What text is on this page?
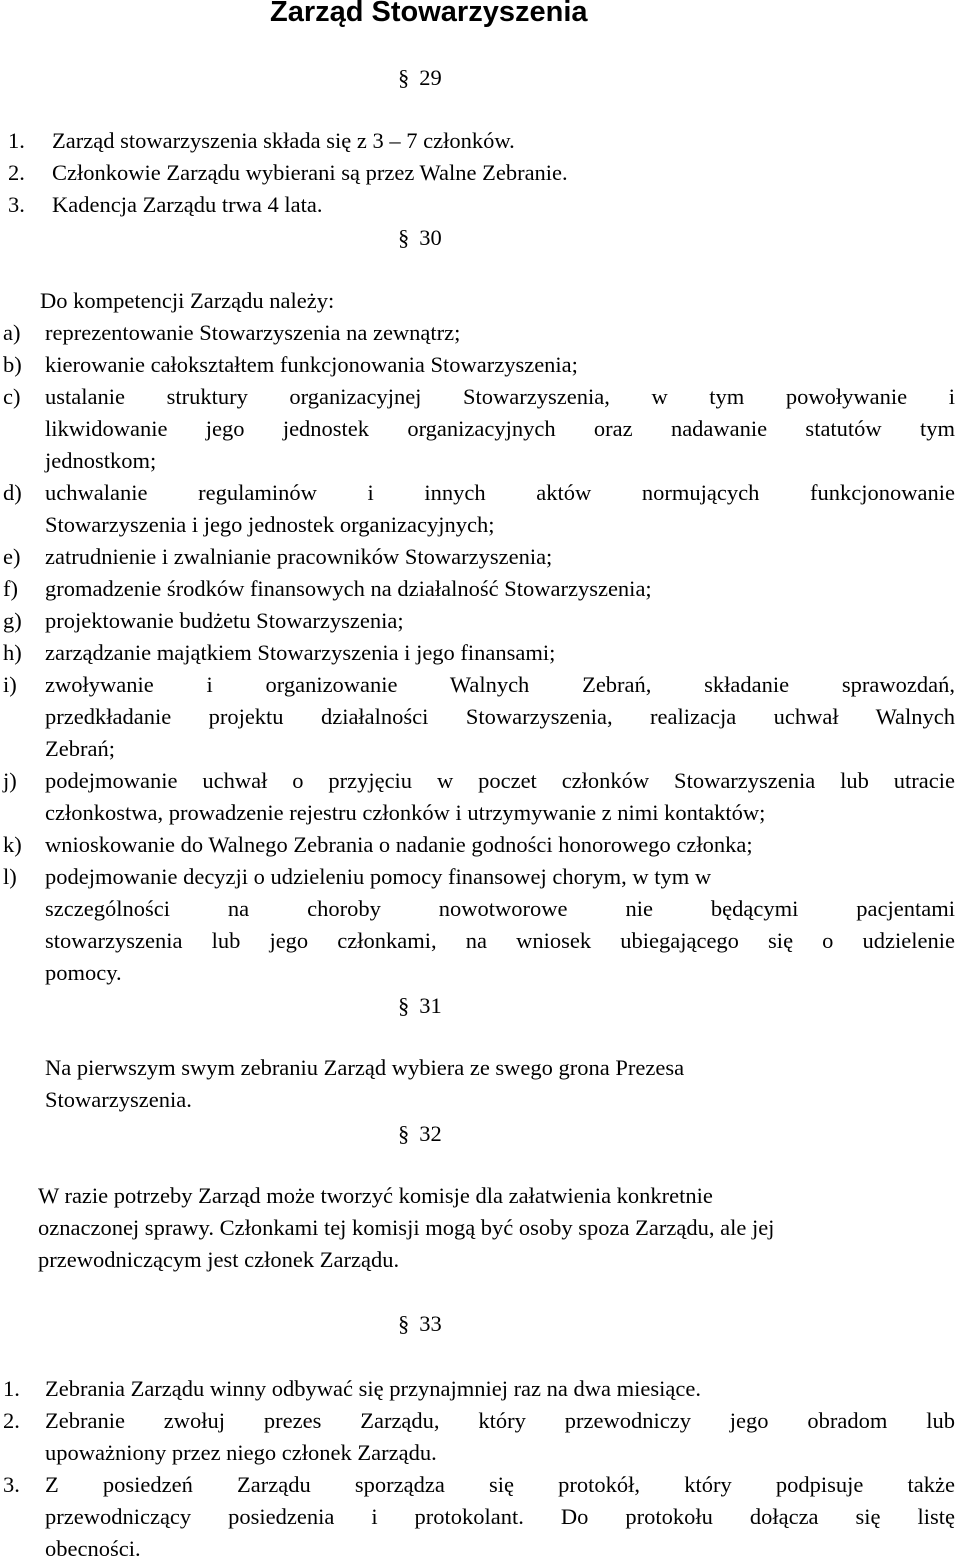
Zarząd Stowarzyszenia
§ 29
1. Zarząd stowarzyszenia składa się z 3 – 7 członków.
2. Członkowie Zarządu wybierani są przez Walne Zebranie.
3. Kadencja Zarządu trwa 4 lata.
§ 30
Do kompetencji Zarządu należy:
a) reprezentowanie Stowarzyszenia na zewnątrz;
b) kierowanie całokształtem funkcjonowania Stowarzyszenia;
c) ustalanie struktury organizacyjnej Stowarzyszenia, w tym powoływanie i
likwidowanie jego jednostek organizacyjnych oraz nadawanie statutów tym
jednostkom;
d) uchwalanie regulaminów i innych aktów normujących funkcjonowanie
Stowarzyszenia i jego jednostek organizacyjnych;
e) zatrudnienie i zwalnianie pracowników Stowarzyszenia;
f) gromadzenie środków finansowych na działalność Stowarzyszenia;
g) projektowanie budżetu Stowarzyszenia;
h) zarządzanie majątkiem Stowarzyszenia i jego finansami;
i) zwoływanie i organizowanie Walnych Zebrań, składanie sprawozdań,
przedkładanie projektu działalności Stowarzyszenia, realizacja uchwał Walnych
Zebrań;
j) podejmowanie uchwał o przyjęciu w poczet członków Stowarzyszenia lub utracie
członkostwa, prowadzenie rejestru członków i utrzymywanie z nimi kontaktów;
k) wnioskowanie do Walnego Zebrania o nadanie godności honorowego członka;
l) podejmowanie decyzji o udzieleniu pomocy finansowej chorym, w tym w
szczególności na choroby nowotworowe nie będącymi pacjentami
stowarzyszenia lub jego członkami, na wniosek ubiegającego się o udzielenie
pomocy.
§ 31
Na pierwszym swym zebraniu Zarząd wybiera ze swego grona Prezesa
Stowarzyszenia.
§ 32
W razie potrzeby Zarząd może tworzyć komisje dla załatwienia konkretnie
oznaczonej sprawy. Członkami tej komisji mogą być osoby spoza Zarządu, ale jej
przewodniczącym jest członek Zarządu.
§ 33
1. Zebrania Zarządu winny odbywać się przynajmniej raz na dwa miesiące.
2. Zebranie zwołuj prezes Zarządu, który przewodniczy jego obradom lub
upoważniony przez niego członek Zarządu.
3. Z posiedzeń Zarządu sporządza się protokół, który podpisuje także
przewodniczący posiedzenia i protokolant. Do protokołu dołącza się listę
obecności.
